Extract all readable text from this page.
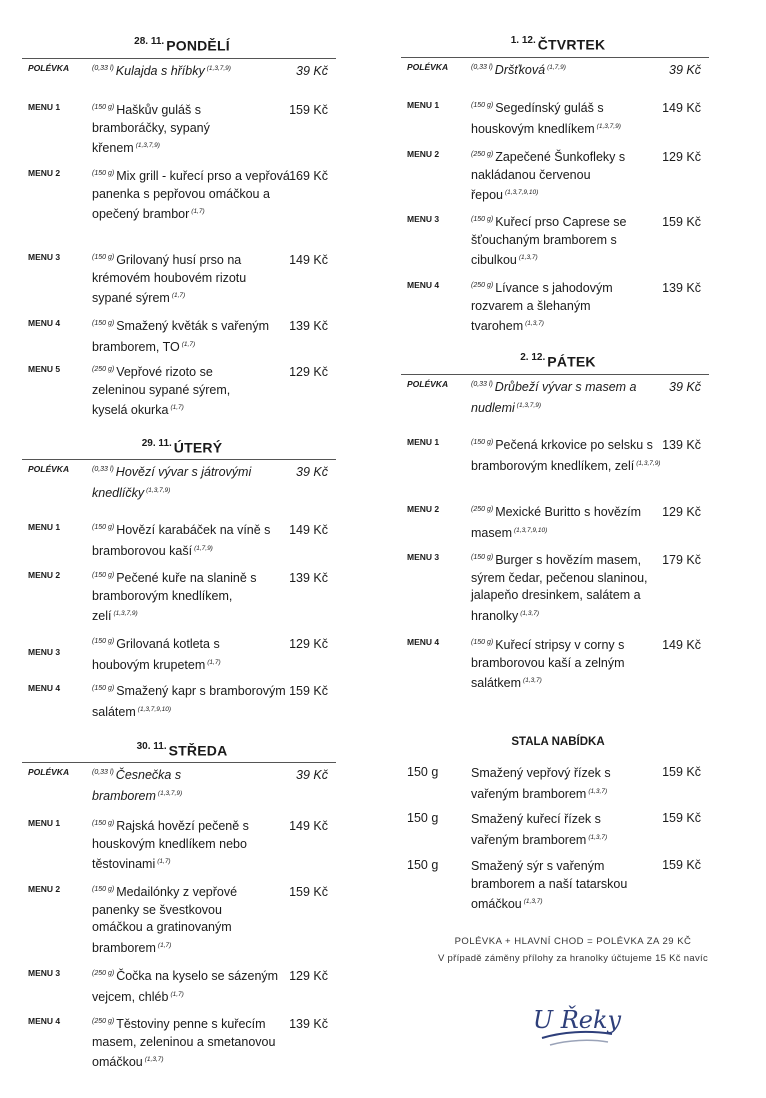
$^{28. 11.}$ PONDĚLÍ
POLÉVKA	$^{(0,33 l)}$ Kulajda s hříbky $^{(1,3,7,9)}$	39 Kč
MENU 1	$^{(150 g)}$ Haškův guláš s bramboráčky, sypaný křenem $^{(1,3,7,9)}$
159 Kč
MENU 2	$^{(150 g)}$ Mix grill - kuřecí prso a vepřová panenka s pepřovou omáčkou a opečený brambor $^{(1,7)}$
169 Kč
MENU 3	$^{(150 g)}$ Grilovaný husí prso na krémovém houbovém rizotu sypané sýrem $^{(1,7)}$
149 Kč
MENU 4	$^{(150 g)}$ Smažený květák s vařeným bramborem, TO $^{(1,7)}$
139 Kč
MENU 5	$^{(250 g)}$ Vepřové rizoto se zeleninou sypané sýrem, kyselá okurka $^{(1,7)}$
129 Kč
$^{29. 11.}$ ÚTERÝ
POLÉVKA	$^{(0,33 l)}$ Hovězí vývar s játrovými knedlíčky $^{(1,3,7,9)}$
39 Kč
MENU 1	$^{(150 g)}$ Hovězí karabáček na víně s bramborovou kaší $^{(1,7,9)}$
149 Kč
MENU 2	$^{(150 g)}$ Pečené kuře na slanině s bramborovým knedlíkem, zelí $^{(1,3,7,9)}$
139 Kč
MENU 3
$^{(150 g)}$ Grilovaná kotleta s houbovým krupetem $^{(1,7)}$
129 Kč
MENU 4	$^{(150 g)}$ Smažený kapr s bramborovým salátem $^{(1,3,7,9,10)}$
159 Kč
$^{30. 11.}$ STŘEDA
POLÉVKA	$^{(0,33 l)}$ Česnečka s bramborem $^{(1,3,7,9)}$
39 Kč
MENU 1	$^{(150 g)}$ Rajská hovězí pečeně s houskovým knedlíkem nebo těstovinami $^{(1,7)}$
149 Kč
MENU 2	$^{(150 g)}$ Medailónky z vepřové panenky se švestkovou omáčkou a gratinovaným bramborem $^{(1,7)}$
159 Kč
MENU 3	$^{(250 g)}$ Čočka na kyselo se sázeným vejcem, chléb $^{(1,7)}$
129 Kč
MENU 4	$^{(250 g)}$ Těstoviny penne s kuřecím masem, zeleninou a smetanovou omáčkou $^{(1,3,7)}$
139 Kč
$^{1. 12.}$ ČTVRTEK
POLÉVKA	$^{(0,33 l)}$ Dršťková $^{(1,7,9)}$	39 Kč
MENU 1	$^{(150 g)}$ Segedínský guláš s houskovým knedlíkem $^{(1,3,7,9)}$
149 Kč
MENU 2	$^{(250 g)}$ Zapečené Šunkofleky s nakládanou červenou řepou $^{(1,3,7,9,10)}$
129 Kč
MENU 3	$^{(150 g)}$ Kuřecí prso Caprese se šťouchaným bramborem s cibulkou $^{(1,3,7)}$
159 Kč
MENU 4	$^{(250 g)}$ Lívance s jahodovým rozvarem a šlehaným tvarohem $^{(1,3,7)}$
139 Kč
$^{2. 12.}$ PÁTEK
POLÉVKA	$^{(0,33 l)}$ Drůbeží vývar s masem a nudlemi $^{(1,3,7,9)}$
39 Kč
MENU 1	$^{(150 g)}$ Pečená krkovice po selsku s bramborovým knedlíkem, zelí $^{(1,3,7,9)}$
139 Kč
MENU 2	$^{(250 g)}$ Mexické Buritto s hovězím masem $^{(1,3,7,9,10)}$
129 Kč
MENU 3	$^{(150 g)}$ Burger s hovězím masem, sýrem čedar, pečenou slaninou, jalapeňo dresinkem, salátem a hranolky $^{(1,3,7)}$
179 Kč
MENU 4	$^{(150 g)}$ Kuřecí stripsy v corny s bramborovou kaší a zelným salátkem $^{(1,3,7)}$
149 Kč
150 g	Smažený vepřový řízek s vařeným bramborem $^{(1,3,7)}$
159 Kč
150 g	Smažený kuřecí řízek s vařeným bramborem $^{(1,3,7)}$
159 Kč
150 g	Smažený sýr s vařeným bramborem a naší tatarskou omáčkou $^{(1,3,7)}$
159 Kč
STALA NABÍDKA
POLÉVKA + HLAVNÍ CHOD = POLÉVKA ZA 29 KČ
V případě záměny přílohy za hranolky účtujeme 15 Kč navíc
U Řeky
